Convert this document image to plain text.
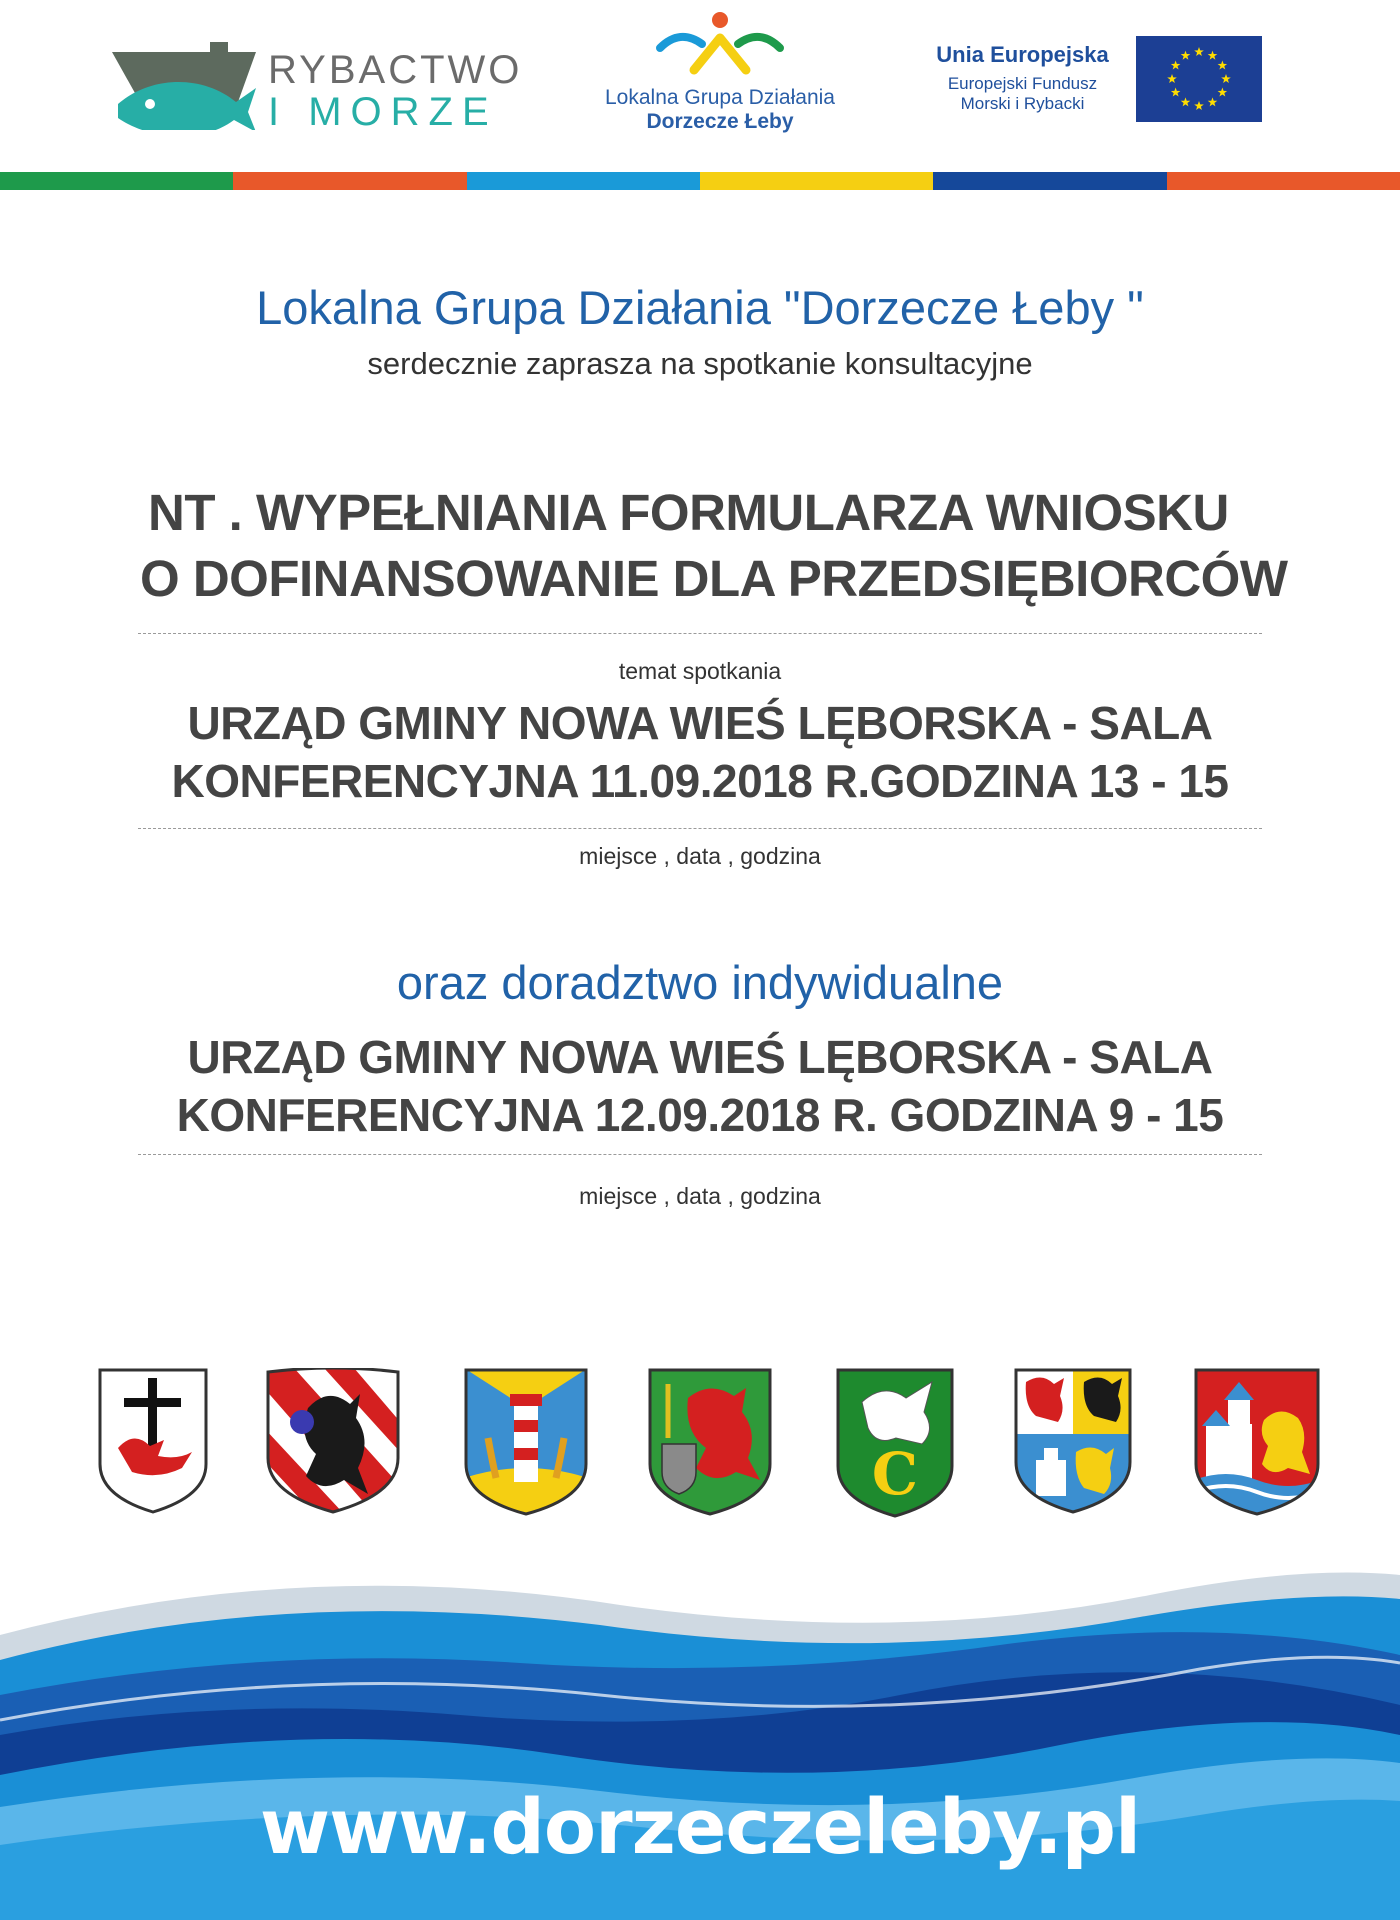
RYBACTWO
I MORZE	Lokalna Grupa Działania
Dorzecze Łeby
Unia Europejska
Europejski Fundusz
Morski i Rybacki
Lokalna Grupa Działania "Dorzecze Łeby "
serdecznie zaprasza na spotkanie konsultacyjne
NT . WYPEŁNIANIA FORMULARZA WNIOSKU
O DOFINANSOWANIE DLA PRZEDSIĘBIORCÓW
temat spotkania
URZĄD GMINY NOWA WIEŚ LĘBORSKA - SALA
KONFERENCYJNA 11.09.2018 R.GODZINA 13 - 15
miejsce , data , godzina
oraz doradztwo indywidualne
URZĄD GMINY NOWA WIEŚ LĘBORSKA - SALA
KONFERENCYJNA 12.09.2018 R. GODZINA 9 - 15
miejsce , data , godzina
C
www.dorzeczeleby.pl
